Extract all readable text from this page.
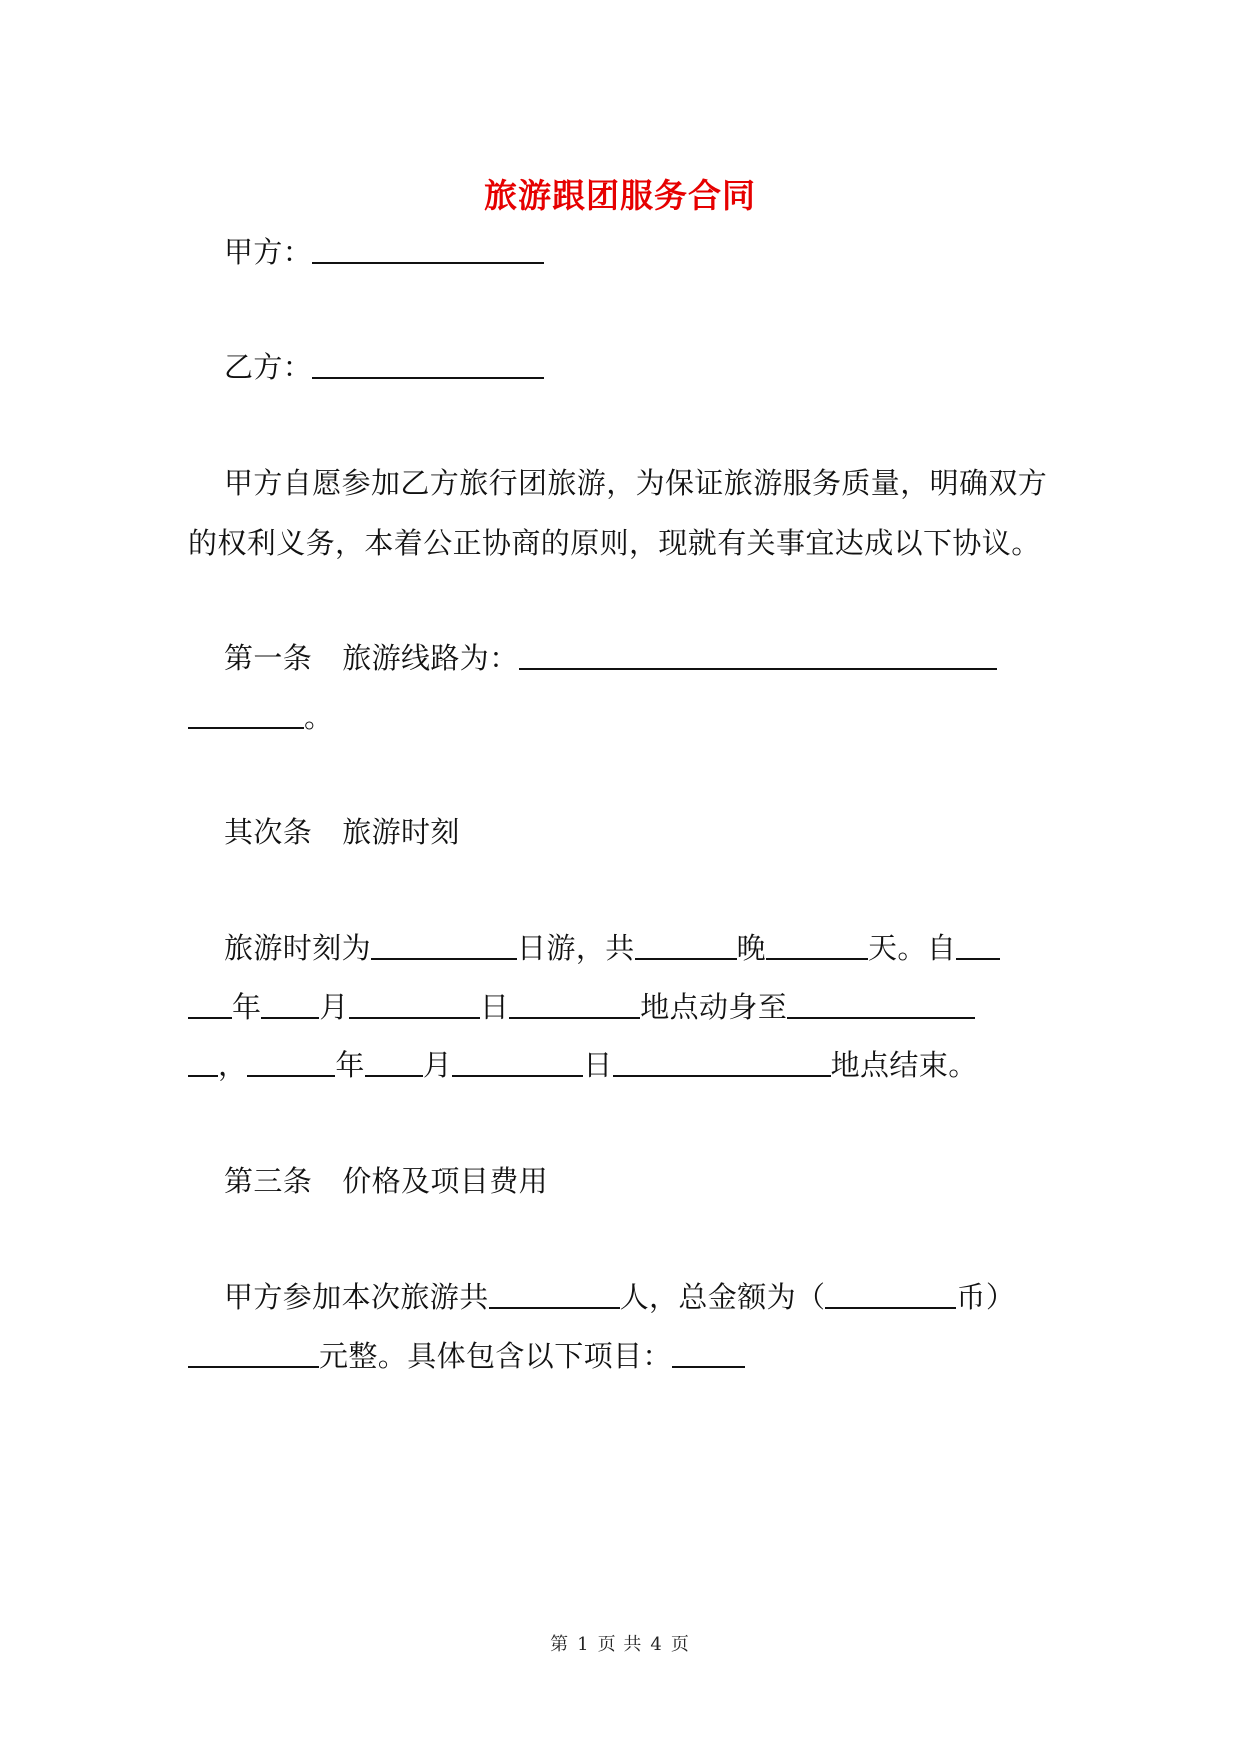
旅游跟团服务合同
甲方：
乙方：
甲方自愿参加乙方旅行团旅游，为保证旅游服务质量，明确双方
的权利义务，本着公正协商的原则，现就有关事宜达成以下协议。
第一条 旅游线路为：
。
其次条 旅游时刻
旅游时刻为	日游，共	晚	天。自
年 月	日	地点动身至
，	年 月	日	地点结束。
第三条 价格及项目费用
甲方参加本次旅游共	人，总金额为（	币）
元整。具体包含以下项目：
第 1 页 共 4 页
